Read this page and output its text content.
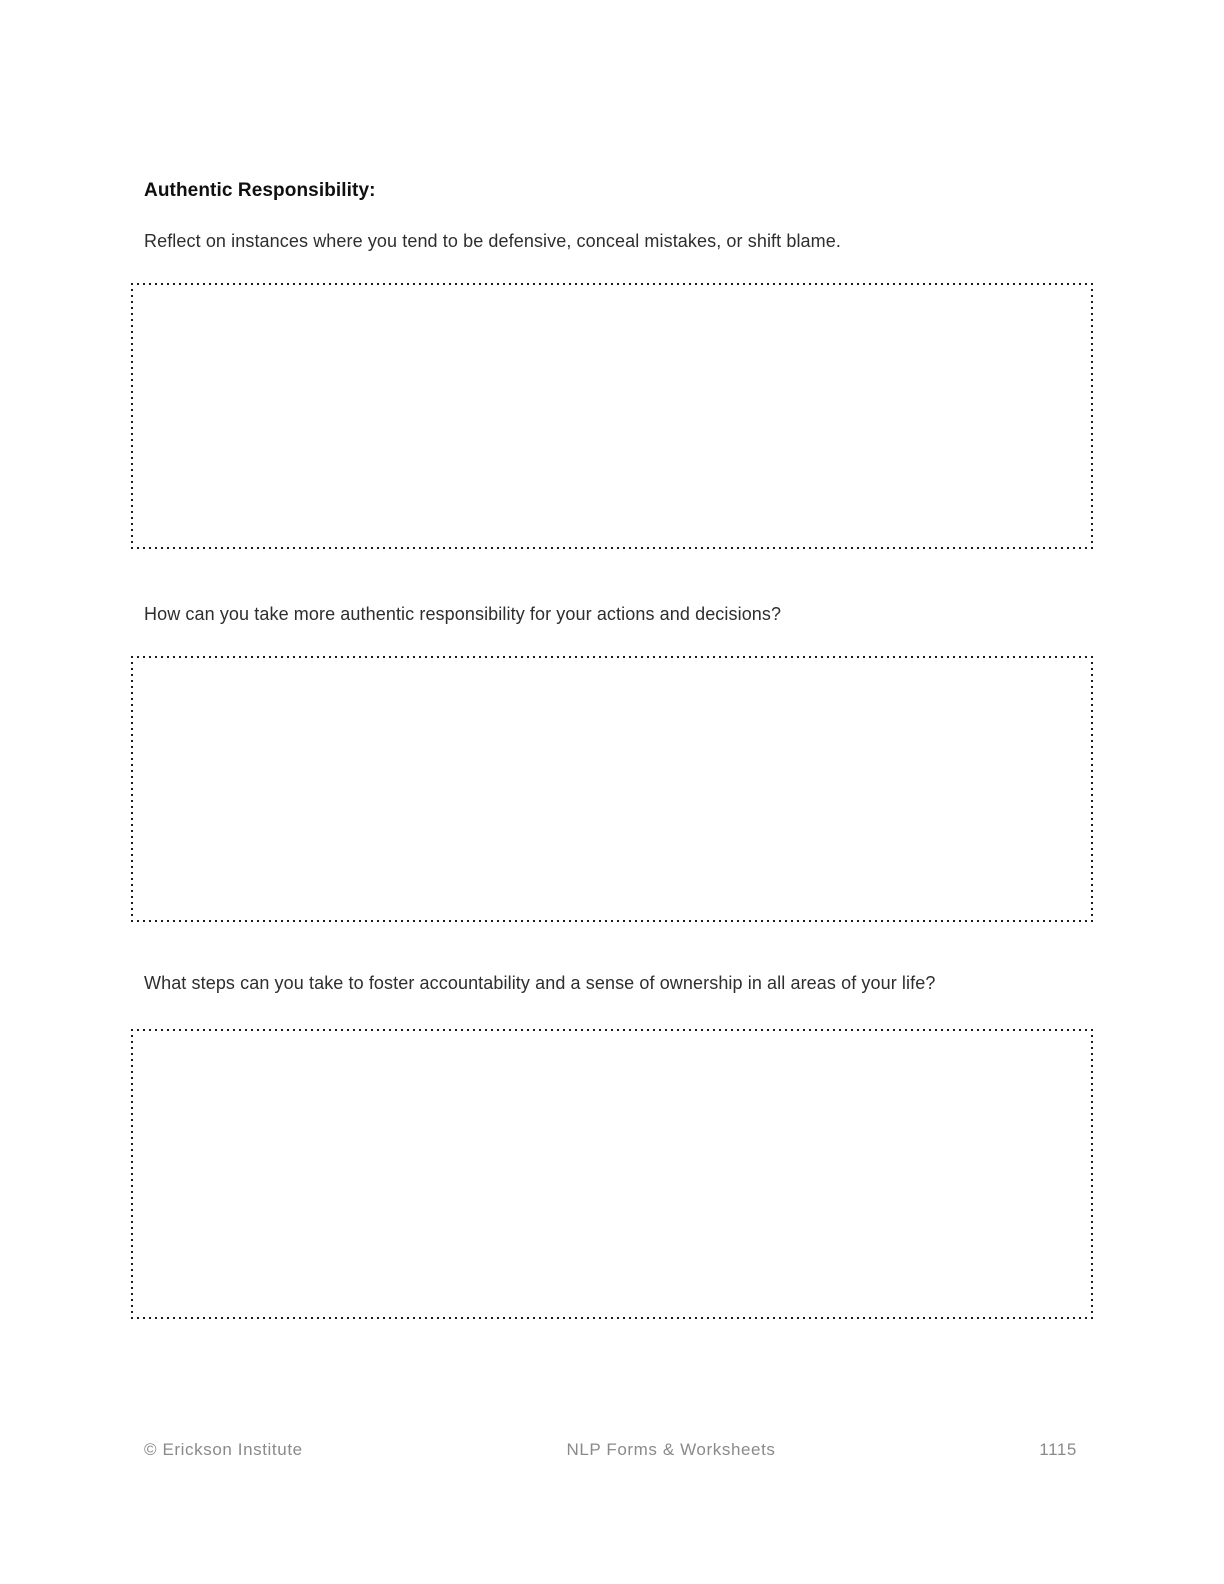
Authentic Responsibility:

Reflect on instances where you tend to be defensive, conceal mistakes, or shift blame.

How can you take more authentic responsibility for your actions and decisions?

What steps can you take to foster accountability and a sense of ownership in all areas of your life?

© Erickson Institute	NLP Forms & Worksheets	1115
